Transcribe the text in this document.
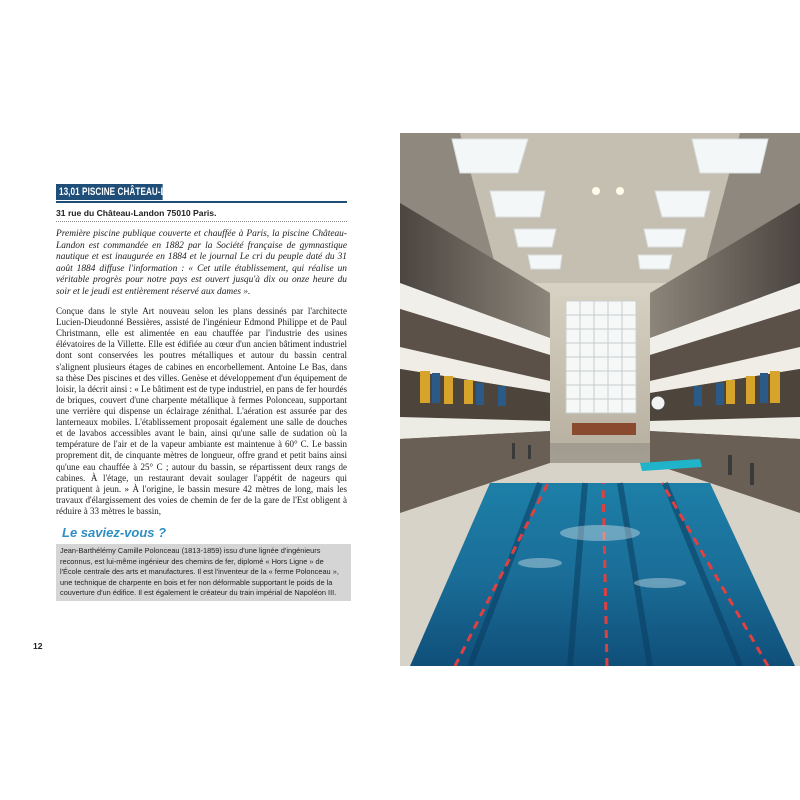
13,01 PISCINE CHÂTEAU-LANDON
31 rue du Château-Landon 75010 Paris.

Première piscine publique couverte et chauffée à Paris, la piscine Château-Landon est commandée en 1882 par la Société française de gymnastique nautique et est inaugurée en 1884 et le journal Le cri du peuple daté du 31 août 1884 diffuse l'information : « Cet utile établissement, qui réalise un véritable progrès pour notre pays est ouvert jusqu'à dix ou onze heure du soir et le jeudi est entièrement réservé aux dames ».

Conçue dans le style Art nouveau selon les plans dessinés par l'architecte Lucien-Dieudonné Bessières, assisté de l'ingénieur Edmond Philippe et de Paul Christmann, elle est alimentée en eau chauffée par l'industrie des usines élévatoires de la Villette. Elle est édifiée au cœur d'un ancien bâtiment industriel dont sont conservées les poutres métalliques et autour du bassin central s'alignent plusieurs étages de cabines en encorbellement. Antoine Le Bas, dans sa thèse Des piscines et des villes. Genèse et développement d'un équipement de loisir, la décrit ainsi : « Le bâtiment est de type industriel, en pans de fer hourdés de briques, couvert d'une charpente métallique à fermes Polonceau, supportant une verrière qui dispense un éclairage zénithal. L'aération est assurée par des lanterneaux mobiles. L'établissement proposait également une salle de douches et de lavabos accessibles avant le bain, ainsi qu'une salle de sudation où la température de l'air et de la vapeur ambiante est maintenue à 60° C. Le bassin proprement dit, de cinquante mètres de longueur, offre grand et petit bains ainsi qu'une eau chauffée à 25° C ; autour du bassin, se répartissent deux rangs de cabines. À l'étage, un restaurant devait soulager l'appétit de nageurs qui pratiquent à jeun. » À l'origine, le bassin mesure 42 mètres de long, mais les travaux d'élargissement des voies de chemin de fer de la gare de l'Est obligent à réduire à 33 mètres le bassin,

Le saviez-vous ?

Jean-Barthélémy Camille Polonceau (1813-1859) issu d'une lignée d'ingénieurs reconnus, est lui-même ingénieur des chemins de fer, diplomé « Hors Ligne » de l'École centrale des arts et manufactures. Il est l'inventeur de la « ferme Polonceau », une technique de charpente en bois et fer non déformable supportant le poids de la couverture d'un édifice. Il est également le créateur du train impérial de Napoléon III.

12
